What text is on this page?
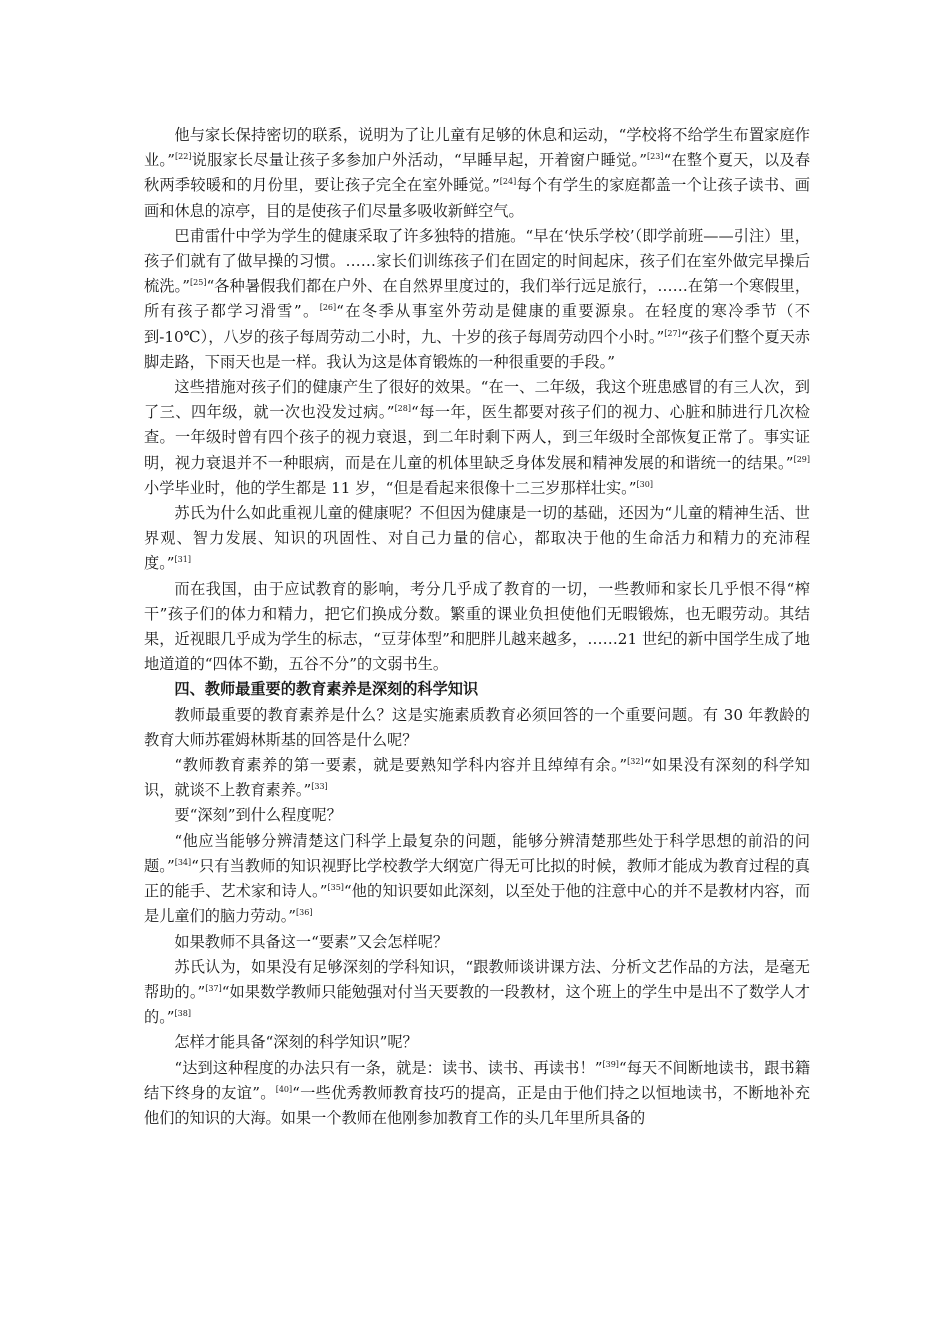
他与家长保持密切的联系，说明为了让儿童有足够的休息和运动，“学校将不给学生布置家庭作业。”[22]说服家长尽量让孩子多参加户外活动，“早睡早起，开着窗户睡觉。”[23]“在整个夏天，以及春秋两季较暖和的月份里，要让孩子完全在室外睡觉。”[24]每个有学生的家庭都盖一个让孩子读书、画画和休息的凉亭，目的是使孩子们尽量多吸收新鲜空气。

巴甫雷什中学为学生的健康采取了许多独特的措施。“早在‘快乐学校’（即学前班——引注）里，孩子们就有了做早操的习惯。……家长们训练孩子们在固定的时间起床，孩子们在室外做完早操后梳洗。”[25]“各种暑假我们都在户外、在自然界里度过的，我们举行远足旅行，……在第一个寒假里，所有孩子都学习滑雪”。[26]“在冬季从事室外劳动是健康的重要源泉。在轻度的寒冷季节（不到-10℃），八岁的孩子每周劳动二小时，九、十岁的孩子每周劳动四个小时。”[27]“孩子们整个夏天赤脚走路，下雨天也是一样。我认为这是体育锻炼的一种很重要的手段。”

这些措施对孩子们的健康产生了很好的效果。“在一、二年级，我这个班患感冒的有三人次，到了三、四年级，就一次也没发过病。”[28]“每一年，医生都要对孩子们的视力、心脏和肺进行几次检查。一年级时曾有四个孩子的视力衰退，到二年时剩下两人，到三年级时全部恢复正常了。事实证明，视力衰退并不一种眼病，而是在儿童的机体里缺乏身体发展和精神发展的和谐统一的结果。”[29]小学毕业时，他的学生都是 11 岁，“但是看起来很像十二三岁那样壮实。”[30]

苏氏为什么如此重视儿童的健康呢？不但因为健康是一切的基础，还因为“儿童的精神生活、世界观、智力发展、知识的巩固性、对自己力量的信心，都取决于他的生命活力和精力的充沛程度。”[31]

而在我国，由于应试教育的影响，考分几乎成了教育的一切，一些教师和家长几乎恨不得“榨干”孩子们的体力和精力，把它们换成分数。繁重的课业负担使他们无暇锻炼，也无暇劳动。其结果，近视眼几乎成为学生的标志，“豆芽体型”和肥胖儿越来越多，……21 世纪的新中国学生成了地地道道的“四体不勤，五谷不分”的文弱书生。

四、教师最重要的教育素养是深刻的科学知识

教师最重要的教育素养是什么？这是实施素质教育必须回答的一个重要问题。有 30 年教龄的教育大师苏霍姆林斯基的回答是什么呢？

“教师教育素养的第一要素，就是要熟知学科内容并且绰绰有余。”[32]“如果没有深刻的科学知识，就谈不上教育素养。”[33]

要“深刻”到什么程度呢？

“他应当能够分辨清楚这门科学上最复杂的问题，能够分辨清楚那些处于科学思想的前沿的问题。”[34]“只有当教师的知识视野比学校教学大纲宽广得无可比拟的时候，教师才能成为教育过程的真正的能手、艺术家和诗人。”[35]“他的知识要如此深刻，以至处于他的注意中心的并不是教材内容，而是儿童们的脑力劳动。”[36]

如果教师不具备这一“要素”又会怎样呢？

苏氏认为，如果没有足够深刻的学科知识，“跟教师谈讲课方法、分析文艺作品的方法，是毫无帮助的。”[37]“如果数学教师只能勉强对付当天要教的一段教材，这个班上的学生中是出不了数学人才的。”[38]

怎样才能具备“深刻的科学知识”呢？

“达到这种程度的办法只有一条，就是：读书、读书、再读书！”[39]“每天不间断地读书，跟书籍结下终身的友谊”。[40]“一些优秀教师教育技巧的提高，正是由于他们持之以恒地读书，不断地补充他们的知识的大海。如果一个教师在他刚参加教育工作的头几年里所具备的
